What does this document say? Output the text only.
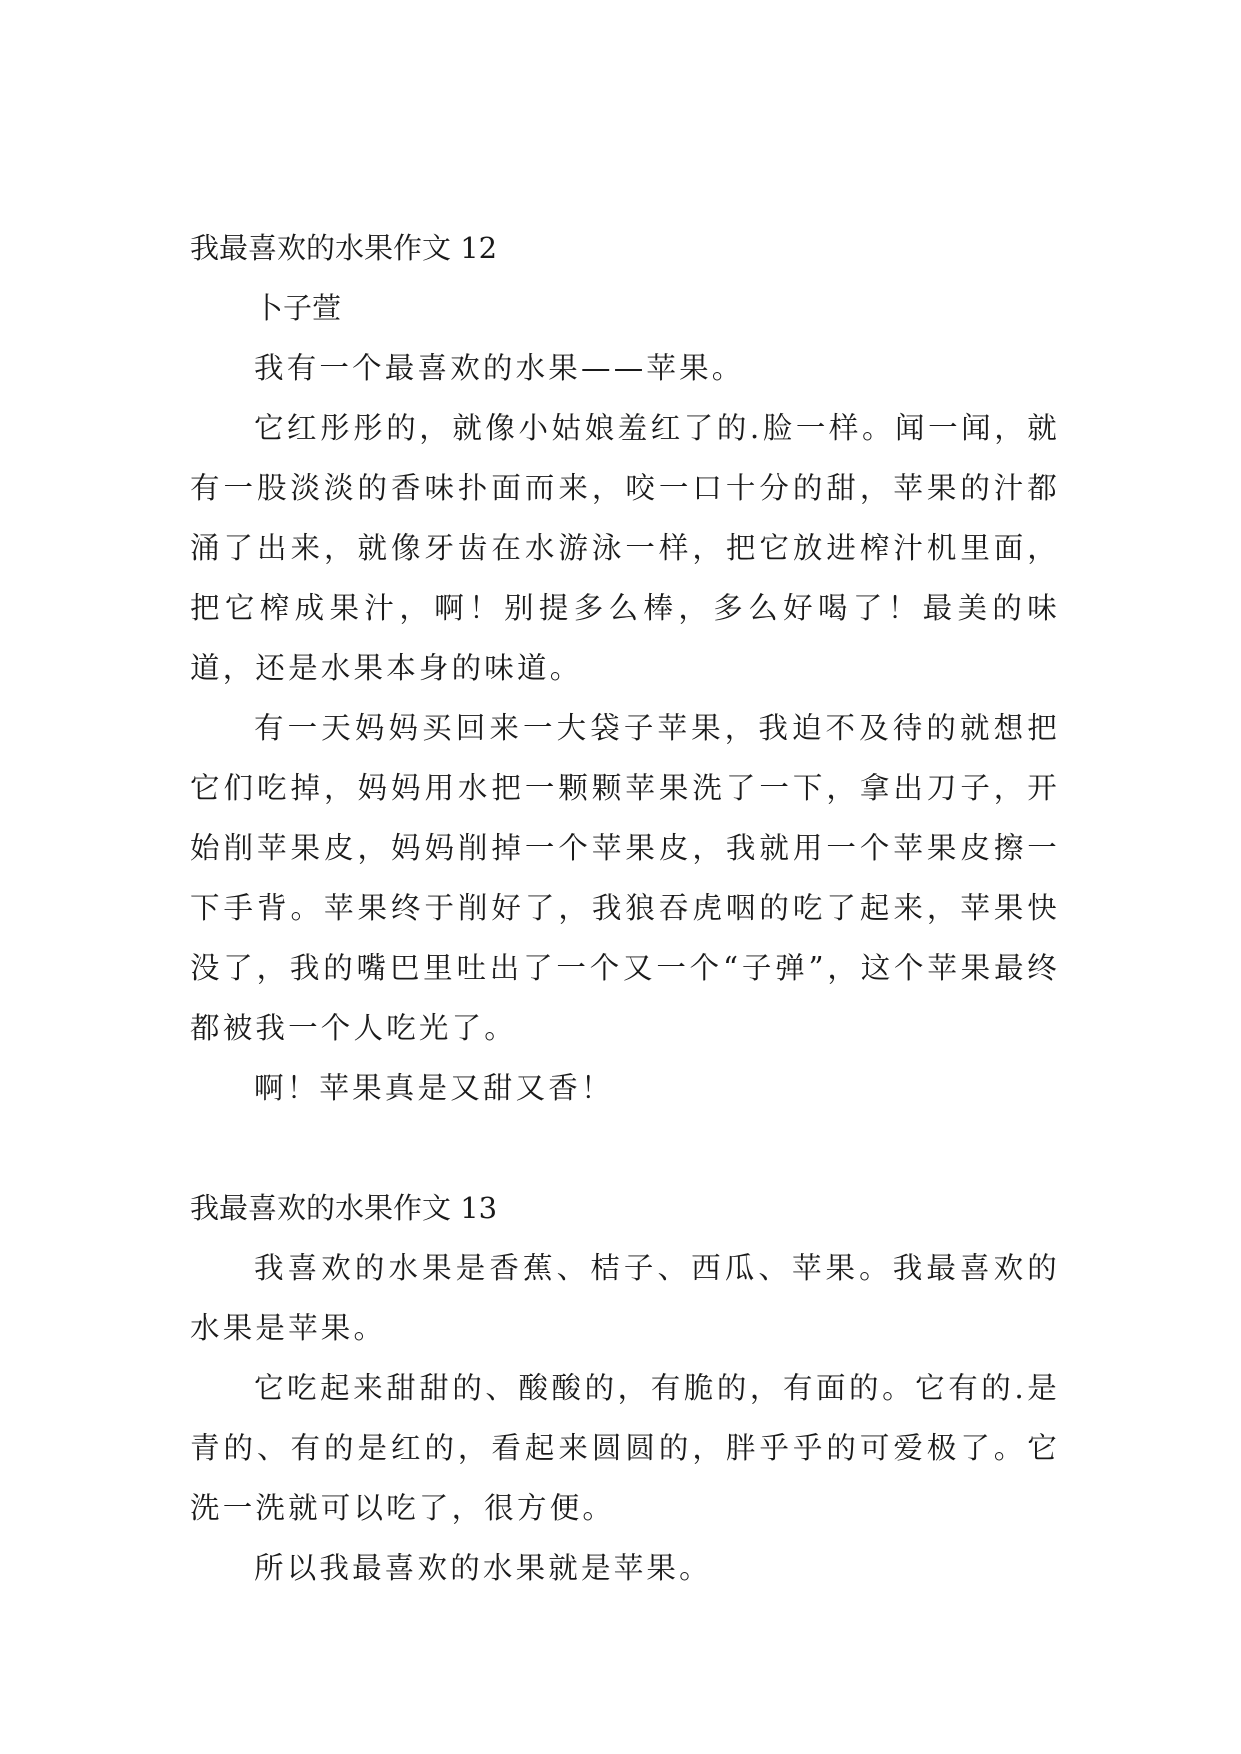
我最喜欢的水果作文 12

卜子萱

我有一个最喜欢的水果——苹果。

它红彤彤的，就像小姑娘羞红了的.脸一样。闻一闻，就有一股淡淡的香味扑面而来，咬一口十分的甜，苹果的汁都涌了出来，就像牙齿在水游泳一样，把它放进榨汁机里面，把它榨成果汁，啊！别提多么棒，多么好喝了！最美的味道，还是水果本身的味道。

有一天妈妈买回来一大袋子苹果，我迫不及待的就想把它们吃掉，妈妈用水把一颗颗苹果洗了一下，拿出刀子，开始削苹果皮，妈妈削掉一个苹果皮，我就用一个苹果皮擦一下手背。苹果终于削好了，我狼吞虎咽的吃了起来，苹果快没了，我的嘴巴里吐出了一个又一个“子弹”，这个苹果最终都被我一个人吃光了。

啊！苹果真是又甜又香！

我最喜欢的水果作文 13

我喜欢的水果是香蕉、桔子、西瓜、苹果。我最喜欢的水果是苹果。

它吃起来甜甜的、酸酸的，有脆的，有面的。它有的.是青的、有的是红的，看起来圆圆的，胖乎乎的可爱极了。它洗一洗就可以吃了，很方便。

所以我最喜欢的水果就是苹果。
